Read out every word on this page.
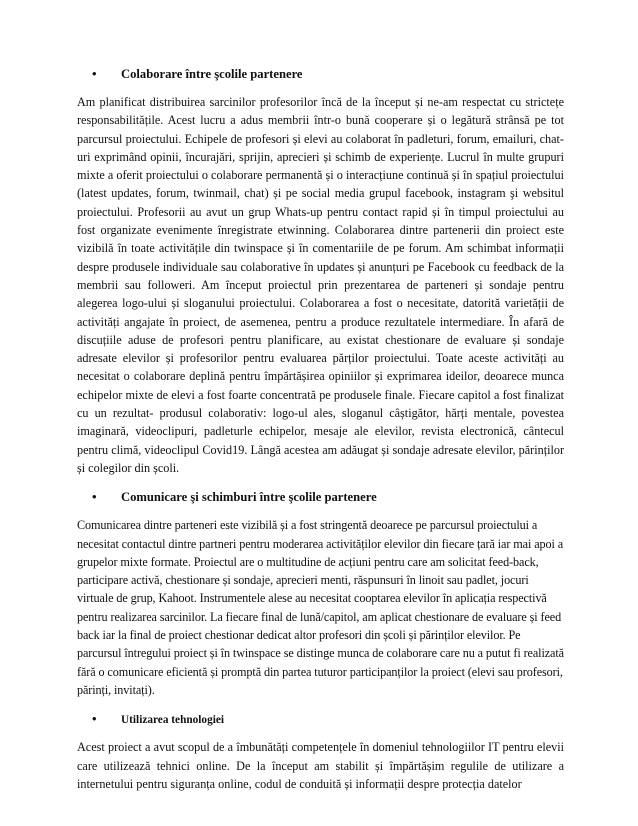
•	Colaborare între şcolile partenere

Am planificat distribuirea sarcinilor profesorilor încă de la început și ne-am respectat cu strictețe responsabilitățile. Acest lucru a adus membrii într-o bună cooperare și o legătură strânsă pe tot parcursul proiectului. Echipele de profesori și elevi au colaborat în padleturi, forum, emailuri, chat-uri exprimând opinii, încurajări, sprijin, aprecieri și schimb de experiențe. Lucrul în multe grupuri mixte a oferit proiectului o colaborare permanentă și o interacțiune continuă și în spațiul proiectului (latest updates, forum, twinmail, chat) și pe social media grupul facebook, instagram şi websitul proiectului. Profesorii au avut un grup Whats-up pentru contact rapid și în timpul proiectului au fost organizate evenimente înregistrate etwinning. Colaborarea dintre partenerii din proiect este vizibilă în toate activitățile din twinspace și în comentariile de pe forum. Am schimbat informații despre produsele individuale sau colaborative în updates și anunțuri pe Facebook cu feedback de la membrii sau followeri. Am început proiectul prin prezentarea de parteneri și sondaje pentru alegerea logo-ului și sloganului proiectului. Colaborarea a fost o necesitate, datorită varietății de activități angajate în proiect, de asemenea, pentru a produce rezultatele intermediare. În afară de discuțiile aduse de profesori pentru planificare, au existat chestionare de evaluare și sondaje adresate elevilor și profesorilor pentru evaluarea părților proiectului. Toate aceste activități au necesitat o colaborare deplină pentru împărtășirea opiniilor și exprimarea ideilor, deoarece munca echipelor mixte de elevi a fost foarte concentrată pe produsele finale. Fiecare capitol a fost finalizat cu un rezultat- produsul colaborativ: logo-ul ales, sloganul câștigător, hărți mentale, povestea imaginară, videoclipuri, padleturle echipelor, mesaje ale elevilor, revista electronică, cântecul pentru climă, videoclipul Covid19. Lângă acestea am adăugat și sondaje adresate elevilor, părinților și colegilor din școli.

•	Comunicare şi schimburi între şcolile partenere

Comunicarea dintre parteneri este vizibilă și a fost stringentă deoarece pe parcursul proiectului a necesitat contactul dintre partneri pentru moderarea activităților elevilor din fiecare țară iar mai apoi a grupelor mixte formate. Proiectul are o multitudine de acțiuni pentru care am solicitat feed-back, participare activă, chestionare și sondaje, aprecieri menti, răspunsuri în linoit sau padlet, jocuri virtuale de grup, Kahoot. Instrumentele alese au necesitat cooptarea elevilor în aplicația respectivă pentru realizarea sarcinilor. La fiecare final de lună/capitol, am aplicat chestionare de evaluare și feed back iar la final de proiect chestionar dedicat altor profesori din școli și părinților elevilor. Pe parcursul întregului proiect și în twinspace se distinge munca de colaborare care nu a putut fi realizată fără o comunicare eficientă și promptă din partea tuturor participanților la proiect (elevi sau profesori, părinți, invitați).

•	Utilizarea tehnologiei

Acest proiect a avut scopul de a îmbunătăți competențele în domeniul tehnologiilor IT pentru elevii care utilizează tehnici online. De la început am stabilit și împărtășim regulile de utilizare a internetului pentru siguranța online, codul de conduită și informații despre protecția datelor
